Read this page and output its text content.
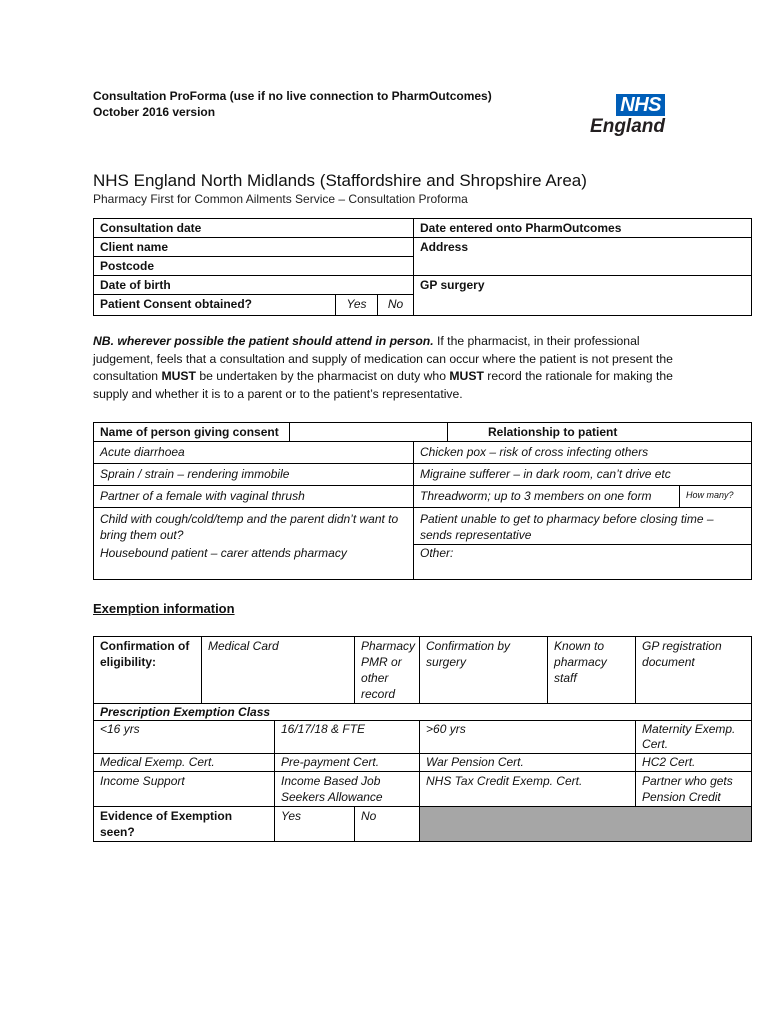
Consultation ProForma (use if no live connection to PharmOutcomes)
October 2016 version	NHS
England
NHS England North Midlands (Staffordshire and Shropshire Area)
Pharmacy First for Common Ailments Service – Consultation Proforma
Consultation date			Date entered onto PharmOutcomes
Client name			Address
Postcode			
Date of birth			GP surgery
Patient Consent obtained?	Yes	No	
NB. wherever possible the patient should attend in person. If the pharmacist, in their professional judgement, feels that a consultation and supply of medication can occur where the patient is not present the consultation MUST be undertaken by the pharmacist on duty who MUST record the rationale for making the supply and whether it is to a parent or to the patient’s representative.
Name of person giving consent			Relationship to patient	
Acute diarrhoea		Chicken pox – risk of cross infecting others		
Sprain / strain – rendering immobile		Migraine sufferer – in dark room, can’t drive etc		
Partner of a female with vaginal thrush		Threadworm; up to 3 members on one form		How many?
Child with cough/cold/temp and the parent didn’t want to bring them out?		Patient unable to get to pharmacy before closing time – sends representative		
Housebound patient – carer attends pharmacy		Other:		
Exemption information
Confirmation of eligibility:	Medical Card		Pharmacy PMR or other record	Confirmation by surgery	Known to pharmacy staff	GP registration document
Prescription Exemption Class						
<16 yrs		16/17/18 & FTE		>60 yrs		Maternity Exemp. Cert.
Medical Exemp. Cert.		Pre-payment Cert.		War Pension Cert.		HC2 Cert.
Income Support		Income Based Job Seekers Allowance		NHS Tax Credit Exemp. Cert.		Partner who gets Pension Credit
Evidence of Exemption seen?		Yes	No			
